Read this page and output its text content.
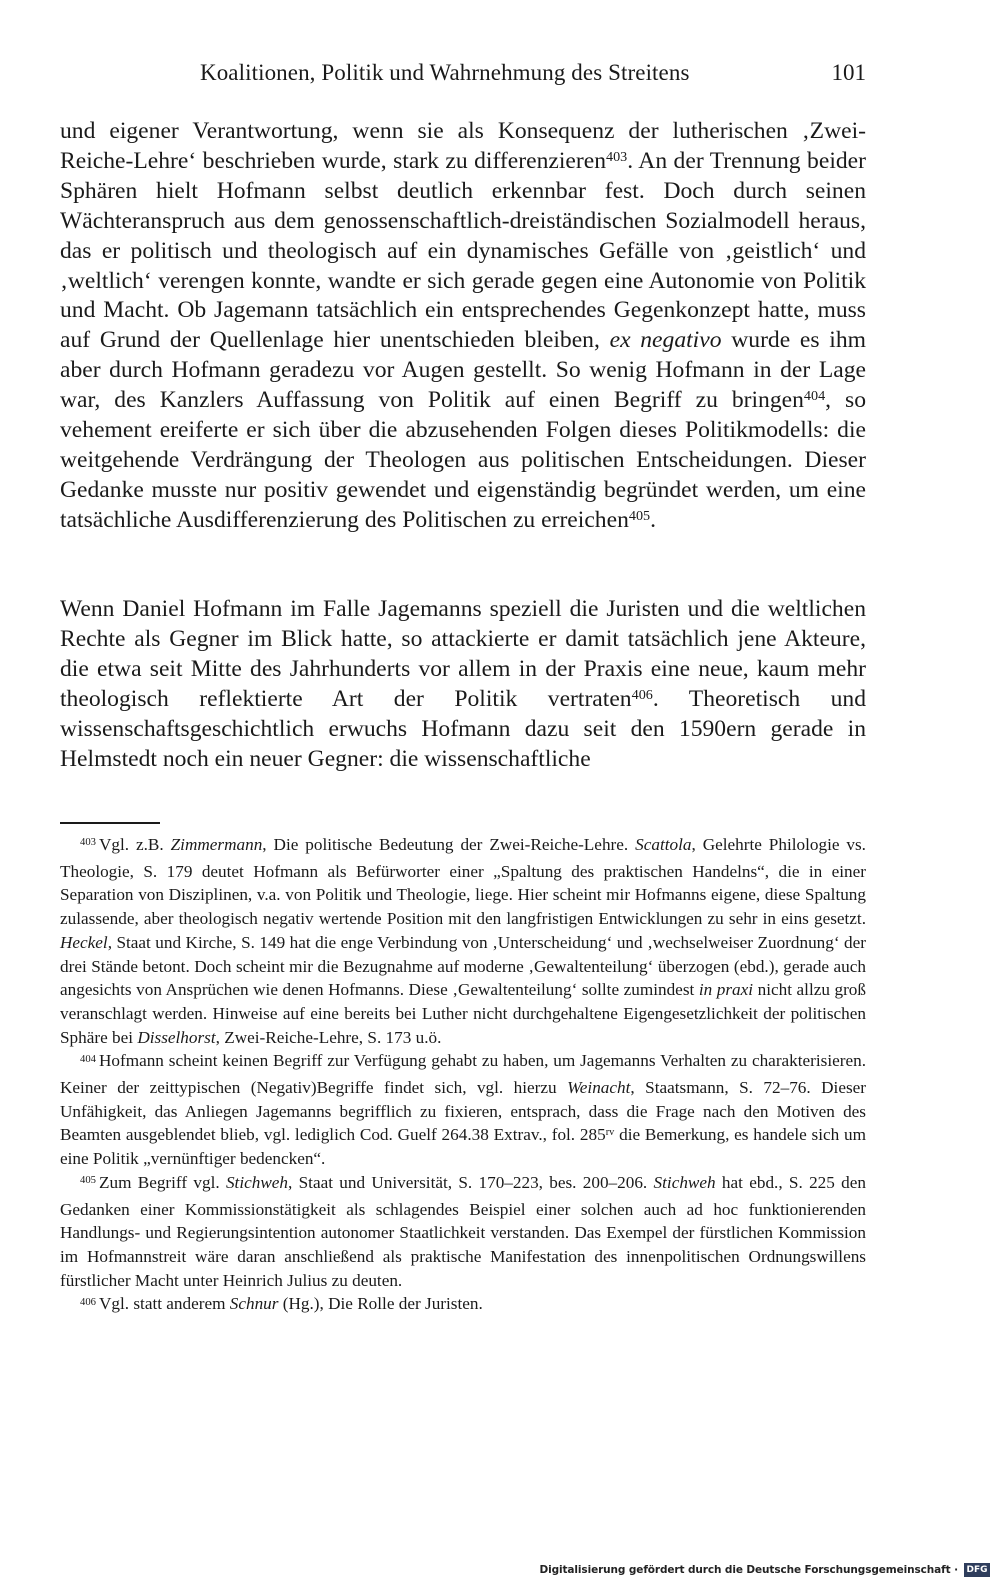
Koalitionen, Politik und Wahrnehmung des Streitens	101

und eigener Verantwortung, wenn sie als Konsequenz der lutherischen ‚Zwei-Reiche-Lehre‘ beschrieben wurde, stark zu differenzieren$^{403}$. An der Trennung beider Sphären hielt Hofmann selbst deutlich erkennbar fest. Doch durch seinen Wächteranspruch aus dem genossenschaftlich-dreiständischen Sozialmodell heraus, das er politisch und theologisch auf ein dynamisches Gefälle von ‚geistlich‘ und ‚weltlich‘ verengen konnte, wandte er sich gerade gegen eine Autonomie von Politik und Macht. Ob Jagemann tatsächlich ein entsprechendes Gegenkonzept hatte, muss auf Grund der Quellenlage hier unentschieden bleiben, ex negativo wurde es ihm aber durch Hofmann geradezu vor Augen gestellt. So wenig Hofmann in der Lage war, des Kanzlers Auffassung von Politik auf einen Begriff zu bringen$^{404}$, so vehement ereiferte er sich über die abzusehenden Folgen dieses Politikmodells: die weitgehende Verdrängung der Theologen aus politischen Entscheidungen. Dieser Gedanke musste nur positiv gewendet und eigenständig begründet werden, um eine tatsächliche Ausdifferenzierung des Politischen zu erreichen$^{405}$.

Wenn Daniel Hofmann im Falle Jagemanns speziell die Juristen und die weltlichen Rechte als Gegner im Blick hatte, so attackierte er damit tatsächlich jene Akteure, die etwa seit Mitte des Jahrhunderts vor allem in der Praxis eine neue, kaum mehr theologisch reflektierte Art der Politik vertraten$^{406}$. Theoretisch und wissenschaftsgeschichtlich erwuchs Hofmann dazu seit den 1590ern gerade in Helmstedt noch ein neuer Gegner: die wissenschaftliche

$^{403}$ Vgl. z.B. Zimmermann, Die politische Bedeutung der Zwei-Reiche-Lehre. Scattola, Gelehrte Philologie vs. Theologie, S. 179 deutet Hofmann als Befürworter einer „Spaltung des praktischen Handelns“, die in einer Separation von Disziplinen, v.a. von Politik und Theologie, liege. Hier scheint mir Hofmanns eigene, diese Spaltung zulassende, aber theologisch negativ wertende Position mit den langfristigen Entwicklungen zu sehr in eins gesetzt. Heckel, Staat und Kirche, S. 149 hat die enge Verbindung von ‚Unterscheidung‘ und ‚wechselweiser Zuordnung‘ der drei Stände betont. Doch scheint mir die Bezugnahme auf moderne ‚Gewaltenteilung‘ überzogen (ebd.), gerade auch angesichts von Ansprüchen wie denen Hofmanns. Diese ‚Gewaltenteilung‘ sollte zumindest in praxi nicht allzu groß veranschlagt werden. Hinweise auf eine bereits bei Luther nicht durchgehaltene Eigengesetzlichkeit der politischen Sphäre bei Disselhorst, Zwei-Reiche-Lehre, S. 173 u.ö.

$^{404}$ Hofmann scheint keinen Begriff zur Verfügung gehabt zu haben, um Jagemanns Verhalten zu charakterisieren. Keiner der zeittypischen (Negativ)Begriffe findet sich, vgl. hierzu Weinacht, Staatsmann, S. 72–76. Dieser Unfähigkeit, das Anliegen Jagemanns begrifflich zu fixieren, entsprach, dass die Frage nach den Motiven des Beamten ausgeblendet blieb, vgl. lediglich Cod. Guelf 264.38 Extrav., fol. $285^{rv}$ die Bemerkung, es handele sich um eine Politik „vernünftiger bedencken“.

$^{405}$ Zum Begriff vgl. Stichweh, Staat und Universität, S. 170–223, bes. 200–206. Stichweh hat ebd., S. 225 den Gedanken einer Kommissionstätigkeit als schlagendes Beispiel einer solchen auch ad hoc funktionierenden Handlungs- und Regierungsintention autonomer Staatlichkeit verstanden. Das Exempel der fürstlichen Kommission im Hofmannstreit wäre daran anschließend als praktische Manifestation des innenpolitischen Ordnungswillens fürstlicher Macht unter Heinrich Julius zu deuten.

$^{406}$ Vgl. statt anderem Schnur (Hg.), Die Rolle der Juristen.

Digitalisierung gefördert durch die Deutsche Forschungsgemeinschaft · DFG
